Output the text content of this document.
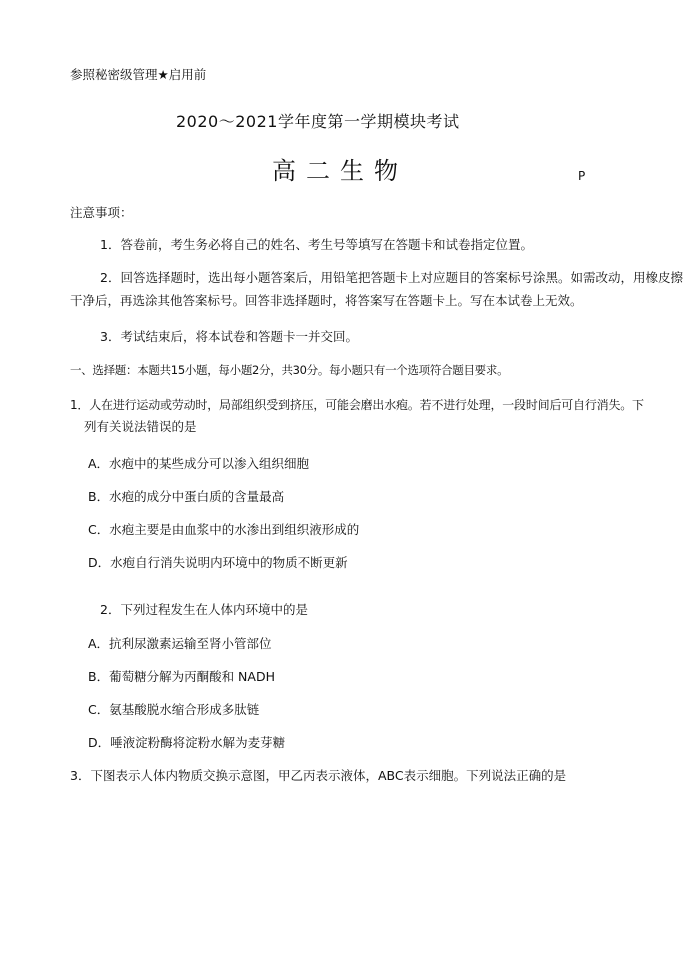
参照秘密级管理★启用前
2020～2021学年度第一学期模块考试
高二生物	P
注意事项：
1．答卷前，考生务必将自己的姓名、考生号等填写在答题卡和试卷指定位置。
2．回答选择题时，选出每小题答案后，用铅笔把答题卡上对应题目的答案标号涂黑。如需改动，用橡皮擦
干净后，再选涂其他答案标号。回答非选择题时，将答案写在答题卡上。写在本试卷上无效。
3．考试结束后，将本试卷和答题卡一并交回。
一、选择题：本题共15小题，每小题2分，共30分。每小题只有一个选项符合题目要求。
1．人在进行运动或劳动时，局部组织受到挤压，可能会磨出水疱。若不进行处理，一段时间后可自行消失。下
列有关说法错误的是
A．水疱中的某些成分可以渗入组织细胞
B．水疱的成分中蛋白质的含量最高
C．水疱主要是由血浆中的水渗出到组织液形成的
D．水疱自行消失说明内环境中的物质不断更新
2．下列过程发生在人体内环境中的是
A．抗利尿激素运输至肾小管部位
B．葡萄糖分解为丙酮酸和 NADH
C．氨基酸脱水缩合形成多肽链
D．唾液淀粉酶将淀粉水解为麦芽糖
3．下图表示人体内物质交换示意图，甲乙丙表示液体，ABC表示细胞。下列说法正确的是
